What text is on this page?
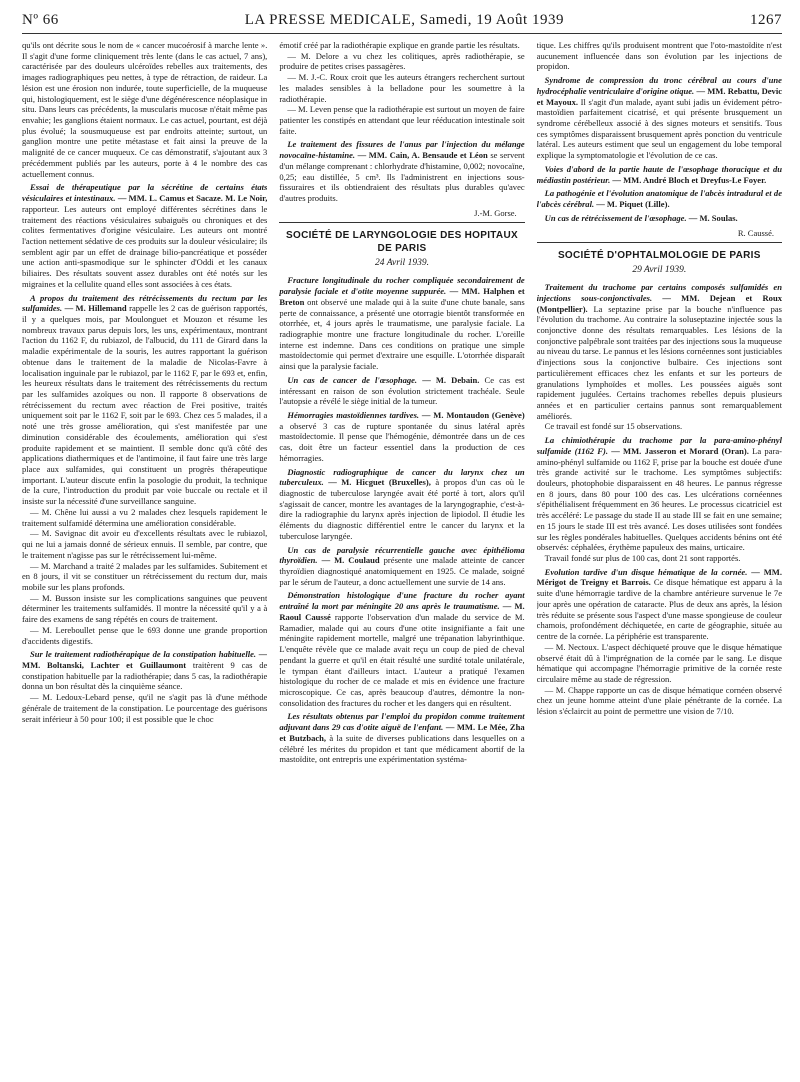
Nº 66	LA PRESSE MEDICALE, Samedi, 19 Août 1939	1267

qu'ils ont décrite sous le nom de « cancer mucoérosif à marche lente ». Il s'agit d'une forme cliniquement très lente (dans le cas actuel, 7 ans), caractérisée par des douleurs ulcéroïdes rebelles aux traitements, des images radiographiques peu nettes, à type de rétraction, de raideur. La lésion est une érosion non indurée, toute superficielle, de la muqueuse qui, histologiquement, est le siège d'une dégénérescence néoplasique in situ. Dans leurs cas précédents, la muscularis mucosæ n'était même pas envahie; les ganglions étaient normaux. Le cas actuel, pourtant, est déjà plus évolué; la sousmuqueuse est par endroits atteinte; surtout, un ganglion montre une petite métastase et fait ainsi la preuve de la malignité de ce cancer muqueux. Ce cas démonstratif, s'ajoutant aux 3 précédemment publiés par les auteurs, porte à 4 le nombre des cas actuellement connus.

Essai de thérapeutique par la sécrétine de certains états vésiculaires et intestinaux. — MM. L. Camus et Sacaze. M. Le Noir, rapporteur. Les auteurs ont employé différentes sécrétines dans le traitement des réactions vésiculaires subaiguës ou chroniques et des colites fermentatives d'origine vésiculaire. Les auteurs ont montré l'action nettement sédative de ces produits sur la douleur vésiculaire; ils semblent agir par un effet de drainage bilio-pancréatique et posséder une action anti-spasmodique sur le sphincter d'Oddi et les canaux biliaires. Des résultats souvent assez durables ont été notés sur les migraines et la cellulite quand elles sont associées à ces états.

A propos du traitement des rétrécissements du rectum par les sulfamides. — M. Hillemand rappelle les 2 cas de guérison rapportés, il y a quelques mois, par Moulonguet et Mouzon et résume les nombreux travaux parus depuis lors, les uns, expérimentaux, montrant l'action du 1162 F, du rubiazol, de l'albucid, du 111 de Girard dans la maladie expérimentale de la souris, les autres rapportant la guérison obtenue dans le traitement de la maladie de Nicolas-Favre à localisation inguinale par le rubiazol, par le 1162 F, par le 693 et, enfin, les heureux résultats dans le traitement des rétrécissements du rectum par les sulfamides azoïques ou non. Il rapporte 8 observations de rétrécissement du rectum avec réaction de Frei positive, traités uniquement soit par le 1162 F, soit par le 693. Chez ces 5 malades, il a noté une très grosse amélioration, qui s'est manifestée par une diminution considérable des écoulements, amélioration qui s'est produite rapidement et se maintient. Il semble donc qu'à côté des applications diathermiques et de l'antimoine, il faut faire une très large place aux sulfamides, qui constituent un progrès thérapeutique important. L'auteur discute enfin la posologie du produit, la technique de la cure, l'introduction du produit par voie buccale ou rectale et il insiste sur la nécessité d'une surveillance sanguine.

— M. Chêne lui aussi a vu 2 malades chez lesquels rapidement le traitement sulfamidé détermina une amélioration considérable.

— M. Savignac dit avoir eu d'excellents résultats avec le rubiazol, qui ne lui a jamais donné de sérieux ennuis. Il semble, par contre, que le traitement n'agisse pas sur le rétrécissement lui-même.

— M. Marchand a traité 2 malades par les sulfamides. Subitement et en 8 jours, il vit se constituer un rétrécissement du rectum dur, mais mobile sur les plans profonds.

— M. Busson insiste sur les complications sanguines que peuvent déterminer les traitements sulfamidés. Il montre la nécessité qu'il y a à faire des examens de sang répétés en cours de traitement.

— M. Lereboullet pense que le 693 donne une grande proportion d'accidents digestifs.

Sur le traitement radiothérapique de la constipation habituelle. — MM. Boltanski, Lachter et Guillaumont traitèrent 9 cas de constipation habituelle par la radiothérapie; dans 5 cas, la radiothérapie donna un bon résultat dès la cinquième séance.

— M. Ledoux-Lebard pense, qu'il ne s'agit pas là d'une méthode générale de traitement de la constipation. Le pourcentage des guérisons serait inférieur à 50 pour 100; il est possible que le choc

émotif créé par la radiothérapie explique en grande partie les résultats.

— M. Delore a vu chez les colitiques, après radiothérapie, se produire de petites crises passagères.

— M. J.-C. Roux croit que les auteurs étrangers recherchent surtout les malades sensibles à la belladone pour les soumettre à la radiothérapie.

— M. Leven pense que la radiothérapie est surtout un moyen de faire patienter les constipés en attendant que leur rééducation intestinale soit faite.

Le traitement des fissures de l'anus par l'injection du mélange novocaïne-histamine. — MM. Cain, A. Bensaude et Léon se servent d'un mélange comprenant : chlorhydrate d'histamine, 0,002; novocaïne, 0,25; eau distillée, 5 cm³. Ils l'administrent en injections sous-fissuraires et ils obtiendraient des résultats plus durables qu'avec d'autres produits.

J.-M. Gorse.
SOCIÉTÉ DE LARYNGOLOGIE DES HOPITAUX DE PARIS
24 Avril 1939.

Fracture longitudinale du rocher compliquée secondairement de paralysie faciale et d'otite moyenne suppurée. — MM. Halphen et Breton ont observé une malade qui à la suite d'une chute banale, sans perte de connaissance, a présenté une otorragie bientôt transformée en otorrhée, et, 4 jours après le traumatisme, une paralysie faciale. La radiographie montre une fracture longitudinale du rocher. L'oreille interne est indemne. Dans ces conditions on pratique une simple mastoïdectomie qui permet d'extraire une esquille. L'otorrhée disparaît ainsi que la paralysie faciale.

Un cas de cancer de l'œsophage. — M. Debain. Ce cas est intéressant en raison de son évolution strictement trachéale. Seule l'autopsie a révélé le siège initial de la tumeur.

Hémorragies mastoïdiennes tardives. — M. Montaudon (Genève) a observé 3 cas de rupture spontanée du sinus latéral après mastoïdectomie. Il pense que l'hémogénie, démontrée dans un de ces cas, doit être un facteur essentiel dans la production de ces hémorragies.

Diagnostic radiographique de cancer du larynx chez un tuberculeux. — M. Hicguet (Bruxelles), à propos d'un cas où le diagnostic de tuberculose laryngée avait été porté à tort, alors qu'il s'agissait de cancer, montre les avantages de la laryngographie, c'est-à-dire la radiographie du larynx après injection de lipiodol. Il étudie les éléments du diagnostic différentiel entre le cancer du larynx et la tuberculose laryngée.

Un cas de paralysie récurrentielle gauche avec épithélioma thyroïdien. — M. Coulaud présente une malade atteinte de cancer thyroïdien diagnostiqué anatomiquement en 1925. Ce malade, soigné par le sérum de l'auteur, a donc actuellement une survie de 14 ans.

Démonstration histologique d'une fracture du rocher ayant entraîné la mort par méningite 20 ans après le traumatisme. — M. Raoul Caussé rapporte l'observation d'un malade du service de M. Ramadier, malade qui au cours d'une otite insignifiante a fait une méningite rapidement mortelle, malgré une trépanation labyrinthique. L'enquête révèle que ce malade avait reçu un coup de pied de cheval pendant la guerre et qu'il en était résulté une surdité totale unilatérale, le tympan étant d'ailleurs intact. L'auteur a pratiqué l'examen histologique du rocher de ce malade et mis en évidence une fracture microscopique. Ce cas, après beaucoup d'autres, démontre la non-consolidation des fractures du rocher et les dangers qui en résultent.

Les résultats obtenus par l'emploi du propidon comme traitement adjuvant dans 29 cas d'otite aiguë de l'enfant. — MM. Le Mée, Zha et Butzbach, à la suite de diverses publications dans lesquelles on a célébré les mérites du propidon et tant que médicament abortif de la mastoïdite, ont entrepris une expérimentation systéma-

tique. Les chiffres qu'ils produisent montrent que l'oto-mastoïdite n'est aucunement influencée dans son évolution par les injections de propidon.

Syndrome de compression du tronc cérébral au cours d'une hydrocéphalie ventriculaire d'origine otique. — MM. Rebattu, Devic et Mayoux. Il s'agit d'un malade, ayant subi jadis un évidement pétro-mastoïdien parfaitement cicatrisé, et qui présente brusquement un syndrome cérébelleux associé à des signes moteurs et sensitifs. Tous ces symptômes disparaissent brusquement après ponction du ventricule latéral. Les auteurs estiment que seul un engagement du lobe temporal explique la symptomatologie et l'évolution de ce cas.

Voies d'abord de la partie haute de l'œsophage thoracique et du médiastin postérieur. — MM. André Bloch et Dreyfus-Le Foyer.

La pathogénie et l'évolution anatomique de l'abcès intradural et de l'abcès cérébral. — M. Piquet (Lille).

Un cas de rétrécissement de l'œsophage. — M. Soulas.

R. Caussé.
SOCIÉTÉ D'OPHTALMOLOGIE DE PARIS
29 Avril 1939.

Traitement du trachome par certains composés sulfamidés en injections sous-conjonctivales. — MM. Dejean et Roux (Montpellier). La septazine prise par la bouche n'influence pas l'évolution du trachome. Au contraire la soluseptazine injectée sous la conjonctive donne des résultats remarquables. Les lésions de la conjonctive palpébrale sont traitées par des injections sous la muqueuse au niveau du tarse. Le pannus et les lésions cornéennes sont justiciables d'injections sous la conjonctive bulbaire. Ces injections sont particulièrement efficaces chez les enfants et sur les porteurs de granulations lymphoïdes et molles. Les poussées aiguës sont rapidement jugulées. Certains trachomes rebelles depuis plusieurs années et en particulier certains pannus sont remarquablement améliorés.

Ce travail est fondé sur 15 observations.

La chimiothérapie du trachome par la para-amino-phényl sulfamide (1162 F). — MM. Jasseron et Morard (Oran). La para-amino-phényl sulfamide ou 1162 F, prise par la bouche est douée d'une très grande activité sur le trachome. Les symptômes subjectifs: douleurs, photophobie disparaissent en 48 heures. Le pannus régresse en 8 jours, dans 80 pour 100 des cas. Les ulcérations cornéennes s'épithélialisent fréquemment en 36 heures. Le processus cicatriciel est très accéléré: Le passage du stade II au stade III se fait en une semaine; en 15 jours le stade III est très avancé. Les doses utilisées sont fondées sur les règles pondérales habituelles. Quelques accidents bénins ont été observés: céphalées, érythème papuleux des mains, urticaire.

Travail fondé sur plus de 100 cas, dont 21 sont rapportés.

Evolution tardive d'un disque hématique de la cornée. — MM. Mérigot de Treigny et Barrois. Ce disque hématique est apparu à la suite d'une hémorragie tardive de la chambre antérieure survenue le 7e jour après une opération de cataracte. Plus de deux ans après, la lésion très réduite se présente sous l'aspect d'une masse spongieuse de couleur chamois, profondément déchiquetée, en carte de géographie, située au centre de la cornée. La périphérie est transparente.

— M. Nectoux. L'aspect déchiqueté prouve que le disque hématique observé était dû à l'imprégnation de la cornée par le sang. Le disque hématique qui accompagne l'hémorragie primitive de la cornée reste circulaire même au stade de régression.

— M. Chappe rapporte un cas de disque hématique cornéen observé chez un jeune homme atteint d'une plaie pénétrante de la cornée. La lésion s'éclaircit au point de permettre une vision de 7/10.
